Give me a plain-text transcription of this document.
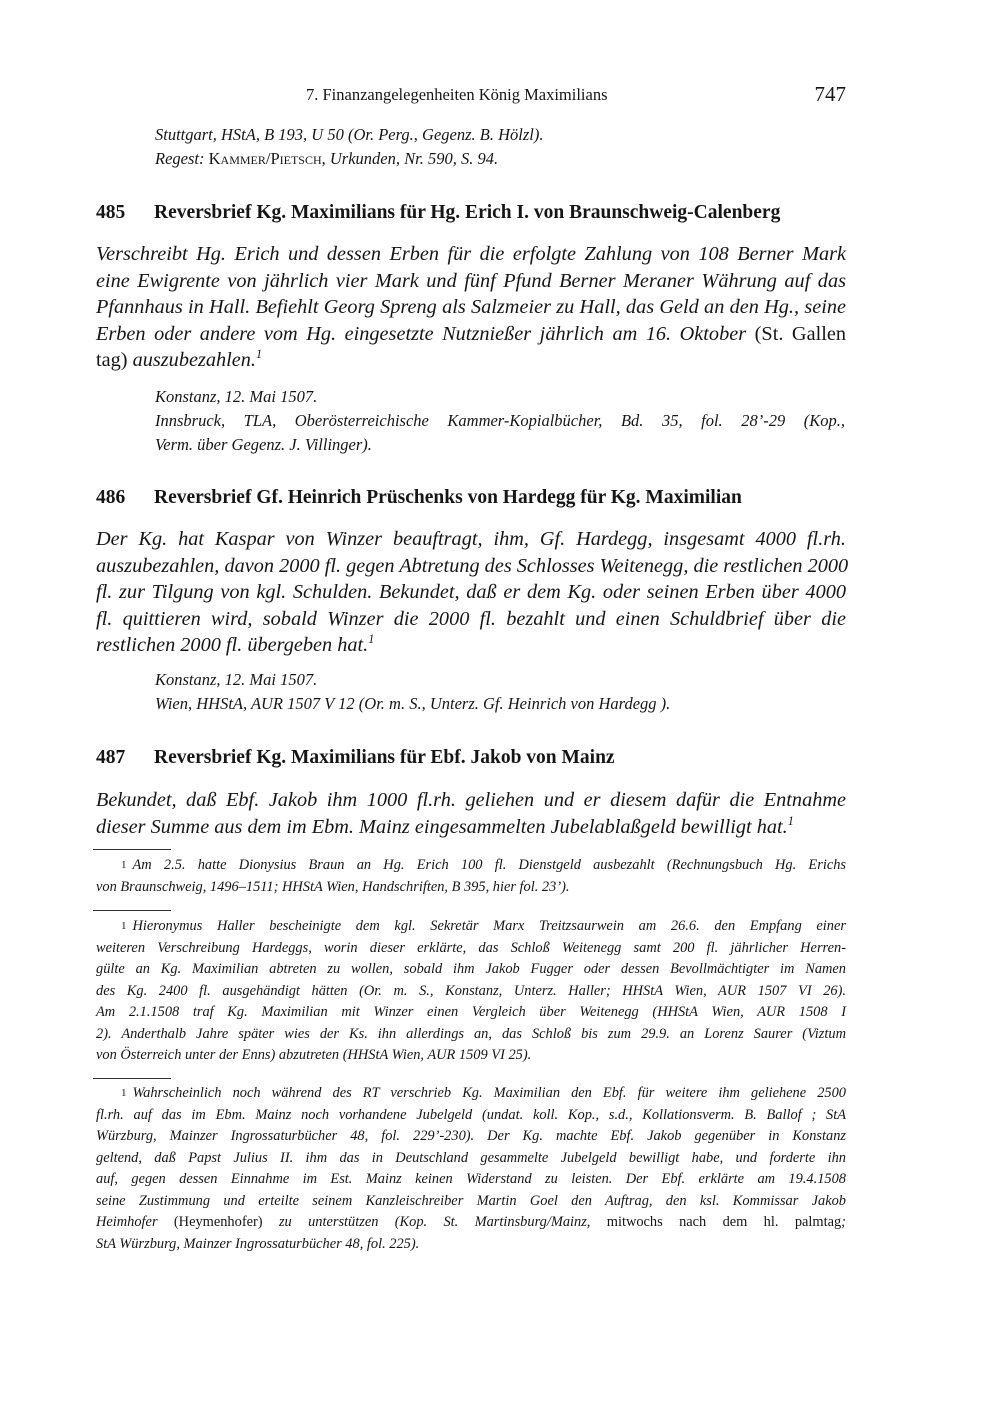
7. Finanzangelegenheiten König Maximilians	747
Stuttgart, HStA, B 193, U 50 (Or. Perg., Gegenz. B. Hölzl).
Regest: Kammer/Pietsch, Urkunden, Nr. 590, S. 94.
485 Reversbrief Kg. Maximilians für Hg. Erich I. von Braunschweig-Calenberg
Verschreibt Hg. Erich und dessen Erben für die erfolgte Zahlung von 108 Berner Mark
eine Ewigrente von jährlich vier Mark und fünf Pfund Berner Meraner Währung auf das
Pfannhaus in Hall. Befiehlt Georg Spreng als Salzmeier zu Hall, das Geld an den Hg., seine
Erben oder andere vom Hg. eingesetzte Nutznießer jährlich am 16. Oktober (St. Gallen
tag) auszubezahlen.$^1$
Konstanz, 12. Mai 1507.
Innsbruck, TLA, Oberösterreichische Kammer-Kopialbücher, Bd. 35, fol. 28’-29 (Kop.,
Verm. über Gegenz. J. Villinger).
486 Reversbrief Gf. Heinrich Prüschenks von Hardegg für Kg. Maximilian
Der Kg. hat Kaspar von Winzer beauftragt, ihm, Gf. Hardegg, insgesamt 4000 fl.rh.
auszubezahlen, davon 2000 fl. gegen Abtretung des Schlosses Weitenegg, die restlichen 2000
fl. zur Tilgung von kgl. Schulden. Bekundet, daß er dem Kg. oder seinen Erben über 4000
fl. quittieren wird, sobald Winzer die 2000 fl. bezahlt und einen Schuldbrief über die
restlichen 2000 fl. übergeben hat.$^1$
Konstanz, 12. Mai 1507.
Wien, HHStA, AUR 1507 V 12 (Or. m. S., Unterz. Gf. Heinrich von Hardegg ).
487 Reversbrief Kg. Maximilians für Ebf. Jakob von Mainz
Bekundet, daß Ebf. Jakob ihm 1000 fl.rh. geliehen und er diesem dafür die Entnahme
dieser Summe aus dem im Ebm. Mainz eingesammelten Jubelablaßgeld bewilligt hat.$^1$
1 Am 2.5. hatte Dionysius Braun an Hg. Erich 100 fl. Dienstgeld ausbezahlt (Rechnungsbuch Hg. Erichs
von Braunschweig, 1496–1511; HHStA Wien, Handschriften, B 395, hier fol. 23’).
1 Hieronymus Haller bescheinigte dem kgl. Sekretär Marx Treitzsaurwein am 26.6. den Empfang einer
weiteren Verschreibung Hardeggs, worin dieser erklärte, das Schloß Weitenegg samt 200 fl. jährlicher Herren-
gülte an Kg. Maximilian abtreten zu wollen, sobald ihm Jakob Fugger oder dessen Bevollmächtigter im Namen
des Kg. 2400 fl. ausgehändigt hätten (Or. m. S., Konstanz, Unterz. Haller; HHStA Wien, AUR 1507 VI 26).
Am 2.1.1508 traf Kg. Maximilian mit Winzer einen Vergleich über Weitenegg (HHStA Wien, AUR 1508 I
2). Anderthalb Jahre später wies der Ks. ihn allerdings an, das Schloß bis zum 29.9. an Lorenz Saurer (Viztum
von Österreich unter der Enns) abzutreten (HHStA Wien, AUR 1509 VI 25).
1 Wahrscheinlich noch während des RT verschrieb Kg. Maximilian den Ebf. für weitere ihm geliehene 2500
fl.rh. auf das im Ebm. Mainz noch vorhandene Jubelgeld (undat. koll. Kop., s.d., Kollationsverm. B. Ballof ; StA
Würzburg, Mainzer Ingrossaturbücher 48, fol. 229’-230). Der Kg. machte Ebf. Jakob gegenüber in Konstanz
geltend, daß Papst Julius II. ihm das in Deutschland gesammelte Jubelgeld bewilligt habe, und forderte ihn
auf, gegen dessen Einnahme im Est. Mainz keinen Widerstand zu leisten. Der Ebf. erklärte am 19.4.1508
seine Zustimmung und erteilte seinem Kanzleischreiber Martin Goel den Auftrag, den ksl. Kommissar Jakob
Heimhofer (Heymenhofer) zu unterstützen (Kop. St. Martinsburg/Mainz, mitwochs nach dem hl. palmtag;
StA Würzburg, Mainzer Ingrossaturbücher 48, fol. 225).
